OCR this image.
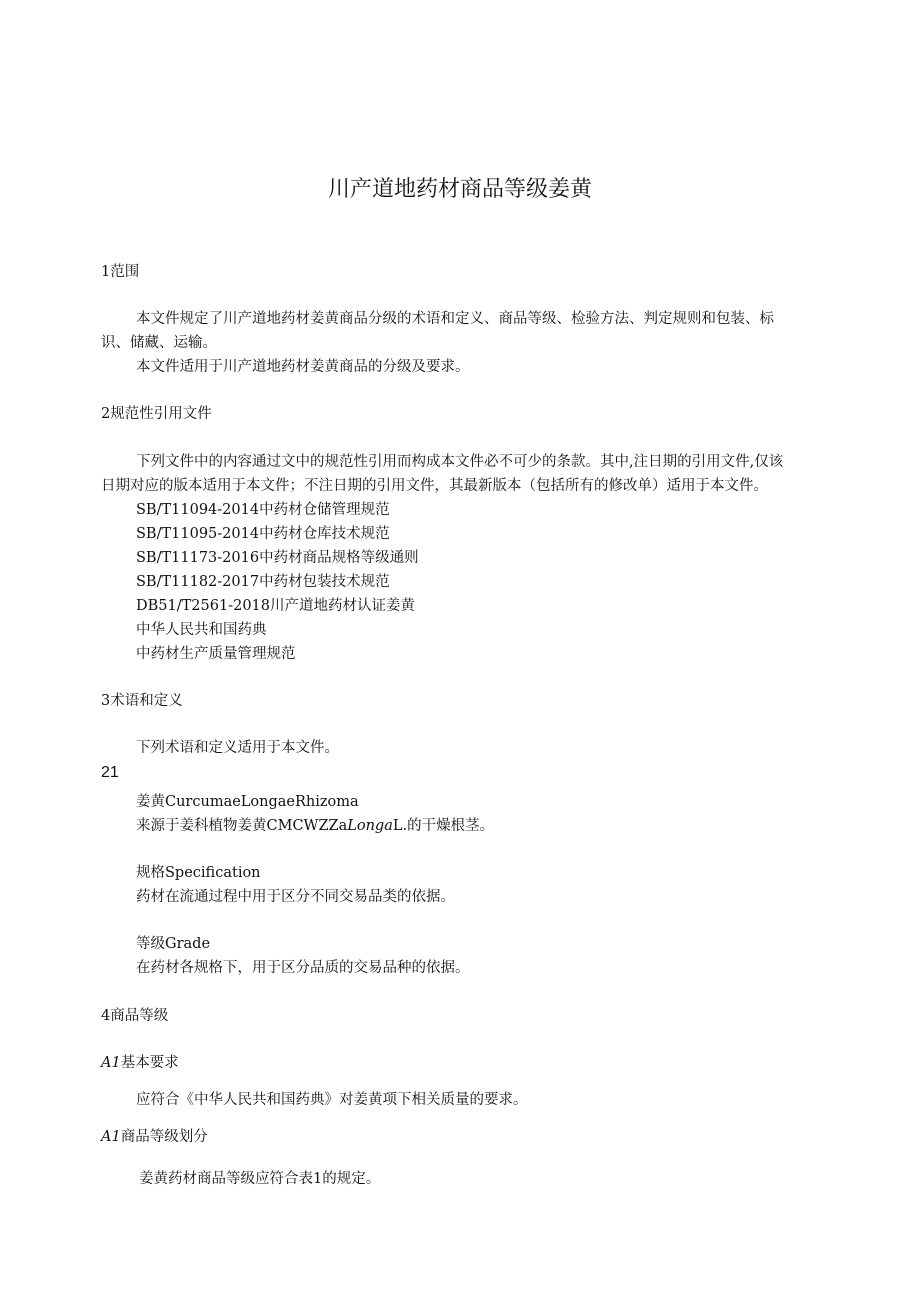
川产道地药材商品等级姜黄
1范围
本文件规定了川产道地药材姜黄商品分级的术语和定义、商品等级、检验方法、判定规则和包装、标
识、储藏、运输。
本文件适用于川产道地药材姜黄商品的分级及要求。
2规范性引用文件
下列文件中的内容通过文中的规范性引用而构成本文件必不可少的条款。其中,注日期的引用文件,仅该
日期对应的版本适用于本文件；不注日期的引用文件，其最新版本（包括所有的修改单）适用于本文件。
SB/T11094-2014中药材仓储管理规范
SB/T11095-2014中药材仓库技术规范
SB/T11173-2016中药材商品规格等级通则
SB/T11182-2017中药材包装技术规范
DB51/T2561-2018川产道地药材认证姜黄
中华人民共和国药典
中药材生产质量管理规范
3术语和定义
下列术语和定义适用于本文件。
21
姜黄CurcumaeLongaeRhizoma
来源于姜科植物姜黄CMCWZZaLongaL.的干燥根茎。
规格Specification
药材在流通过程中用于区分不同交易品类的依据。
等级Grade
在药材各规格下，用于区分品质的交易品种的依据。
4商品等级
A1基本要求
应符合《中华人民共和国药典》对姜黄项下相关质量的要求。
A1商品等级划分
姜黄药材商品等级应符合表1的规定。
